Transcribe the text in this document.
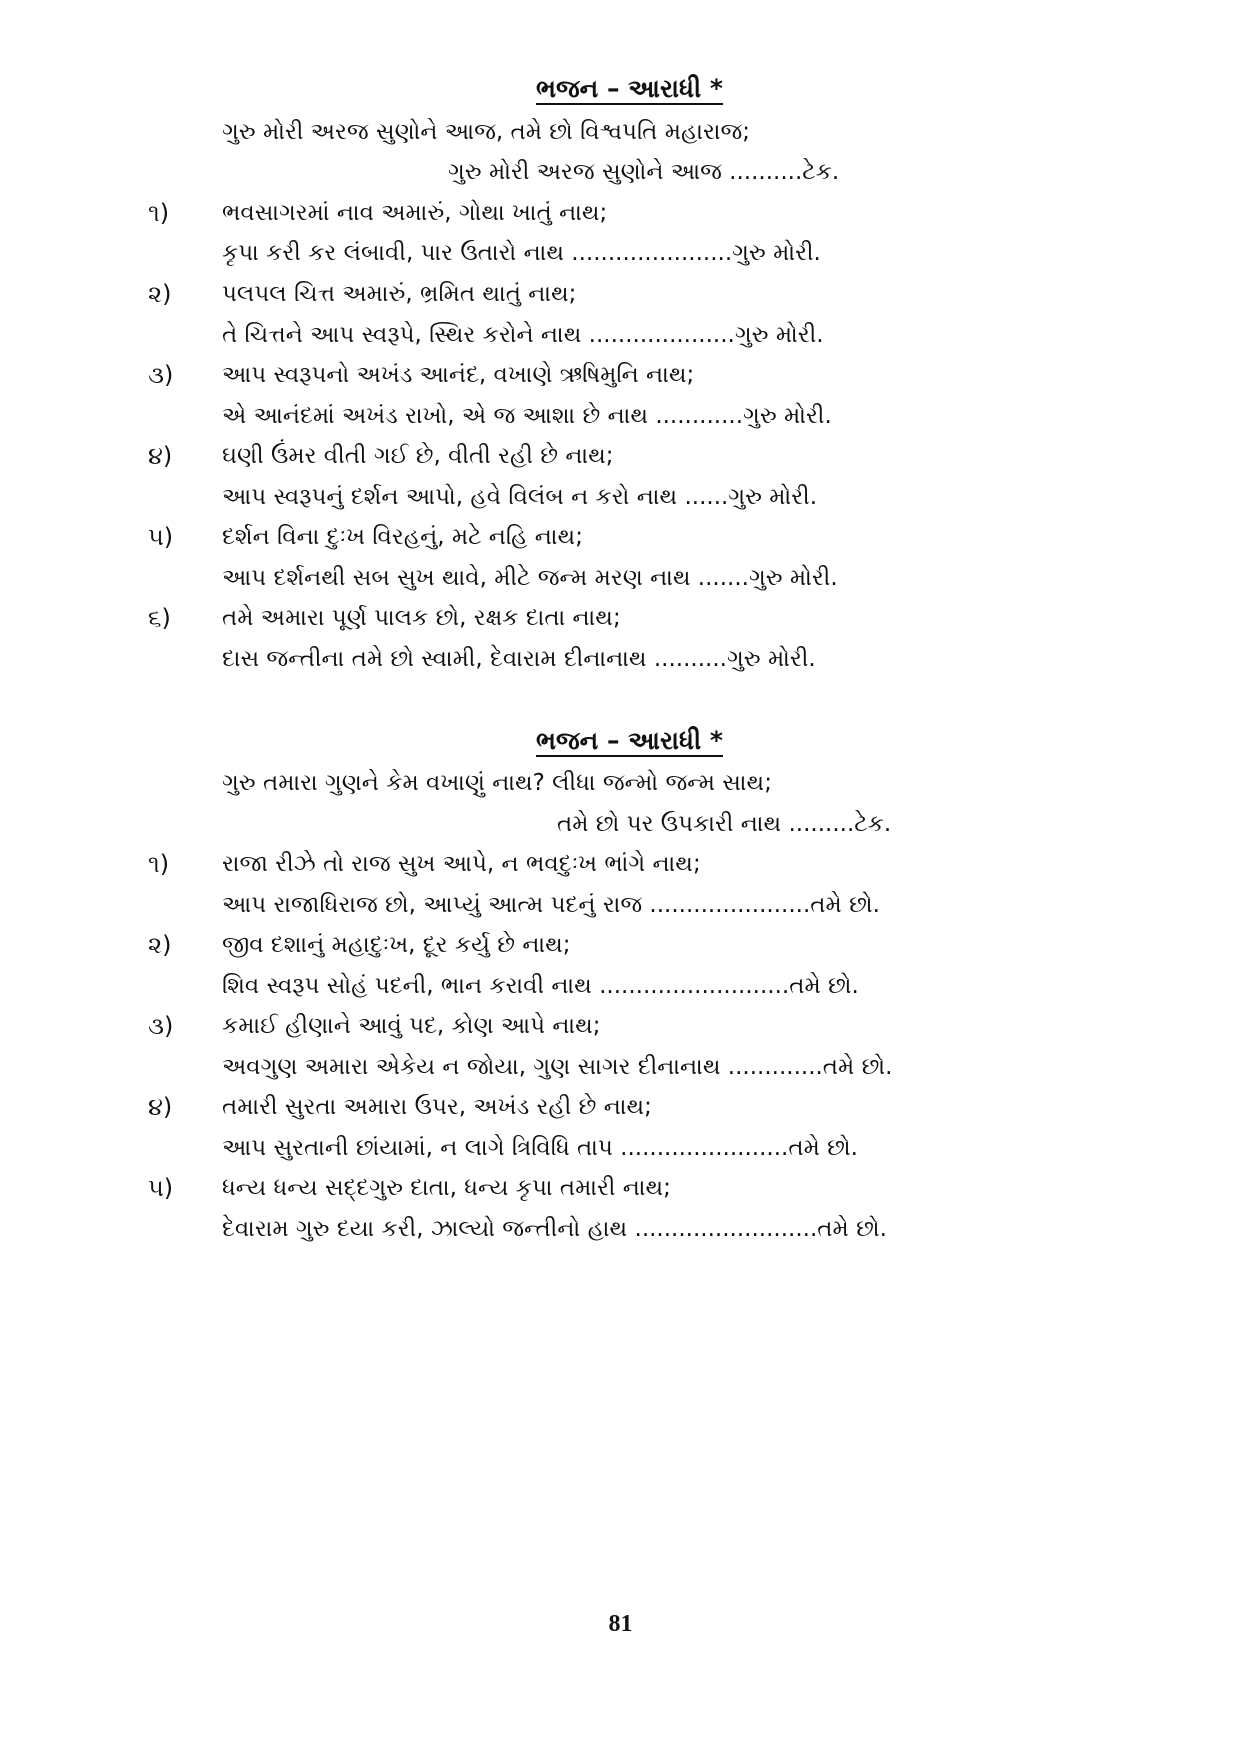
ભજન – આરાધી *
ગુરુ મોરી અરજ સુણોને આજ, તમે છો વિશ્વપતિ મહારાજ;
ગુરુ મોરી અરજ સુણોને આજ ..........ટેક.
૧) ભવસાગરમાં નાવ અમારું, ગોથા ખાતું નાથ;
કૃપા કરી કર લંબાવી, પાર ઉતારો નાથ ......................ગુરુ મોરી.
૨) પલપલ ચિત્ત અમારું, ભ્રમિત થાતું નાથ;
તે ચિત્તને આપ સ્વરૂપે, સ્થિર કરોને નાથ ....................ગુરુ મોરી.
૩) આપ સ્વરૂપનો અખંડ આનંદ, વખાણે ઋષિમુનિ નાથ;
એ આનંદમાં અખંડ રાખો, એ જ આશા છે નાથ ............ગુરુ મોરી.
૪) ઘણી ઉંમર વીતી ગઈ છે, વીતી રહી છે નાથ;
આપ સ્વરૂપનું દર્શન આપો, હવે વિલંબ ન કરો નાથ ......ગુરુ મોરી.
૫) દર્શન વિના દુઃખ વિરહનું, મટે નહિ નાથ;
આપ દર્શનથી સબ સુખ થાવે, મીટે જન્મ મરણ નાથ .......ગુરુ મોરી.
૬) તમે અમારા પૂર્ણ પાલક છો, રક્ષક દાતા નાથ;
દાસ જન્તીના તમે છો સ્વામી, દેવારામ દીનાનાથ ..........ગુરુ મોરી.
ભજન – આરાધી *
ગુરુ તમારા ગુણને કેમ વખાણું નાથ? લીધા જન્મો જન્મ સાથ;
તમે છો પર ઉપકારી નાથ .........ટેક.
૧) રાજા રીઝે તો રાજ સુખ આપે, ન ભવદુઃખ ભાંગે નાથ;
આપ રાજાધિરાજ છો, આપ્યું આત્મ પદનું રાજ ......................તમે છો.
૨) જીવ દશાનું મહાદુઃખ, દૂર કર્યુ છે નાથ;
શિવ સ્વરૂપ સોહં પદની, ભાન કરાવી નાથ ..........................તમે છો.
૩) કમાઈ હીણાને આવું પદ, કોણ આપે નાથ;
અવગુણ અમારા એકેય ન જોયા, ગુણ સાગર દીનાનાથ .............તમે છો.
૪) તમારી સુરતા અમારા ઉપર, અખંડ રહી છે નાથ;
આપ સુરતાની છાંયામાં, ન લાગે ત્રિવિધિ તાપ .......................તમે છો.
૫) ધન્ય ધન્ય સદ્દગુરુ દાતા, ધન્ય કૃપા તમારી નાથ;
દેવારામ ગુરુ દયા કરી, ઝાલ્યો જન્તીનો હાથ .........................તમે છો.
81
